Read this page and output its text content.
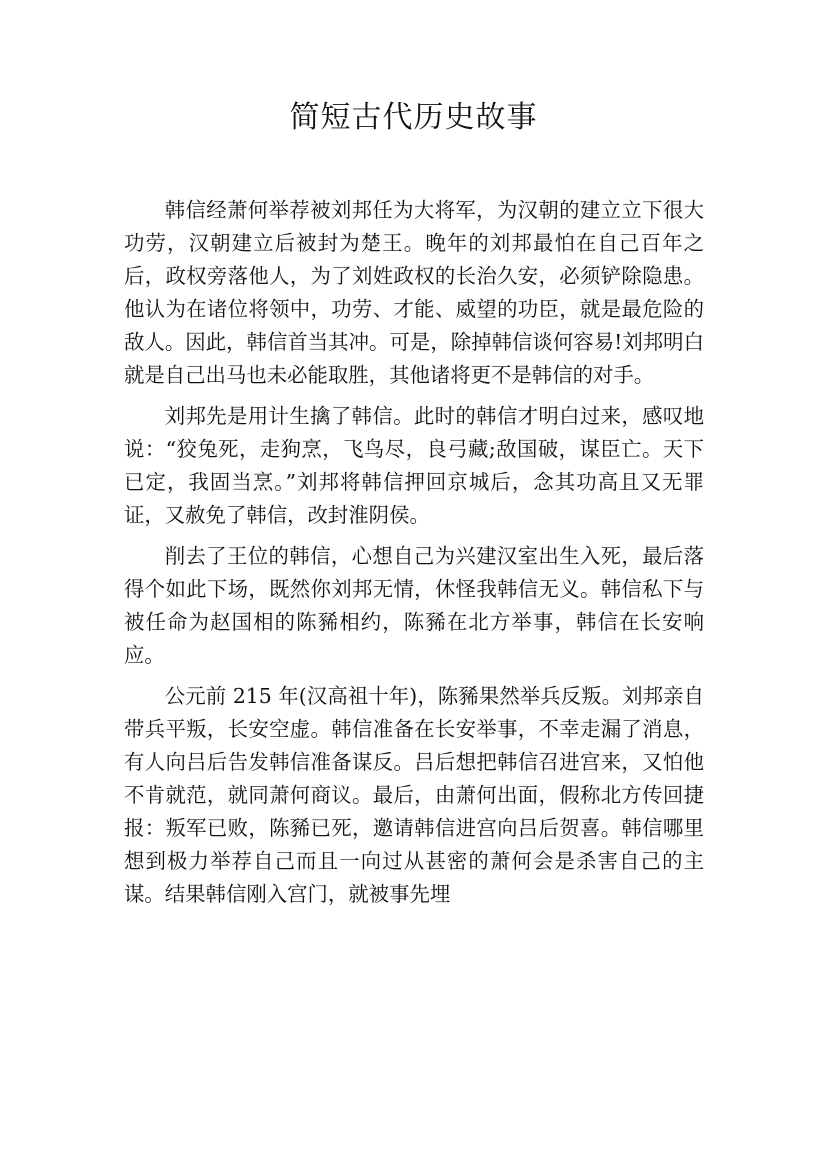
简短古代历史故事

韩信经萧何举荐被刘邦任为大将军，为汉朝的建立立下很大功劳，汉朝建立后被封为楚王。晚年的刘邦最怕在自己百年之后，政权旁落他人，为了刘姓政权的长治久安，必须铲除隐患。他认为在诸位将领中，功劳、才能、威望的功臣，就是最危险的敌人。因此，韩信首当其冲。可是，除掉韩信谈何容易!刘邦明白就是自己出马也未必能取胜，其他诸将更不是韩信的对手。

刘邦先是用计生擒了韩信。此时的韩信才明白过来，感叹地说：“狡兔死，走狗烹，飞鸟尽，良弓藏;敌国破，谋臣亡。天下已定，我固当烹。”刘邦将韩信押回京城后，念其功高且又无罪证，又赦免了韩信，改封淮阴侯。

削去了王位的韩信，心想自己为兴建汉室出生入死，最后落得个如此下场，既然你刘邦无情，休怪我韩信无义。韩信私下与被任命为赵国相的陈豨相约，陈豨在北方举事，韩信在长安响应。

公元前 215 年(汉高祖十年)，陈豨果然举兵反叛。刘邦亲自带兵平叛，长安空虚。韩信准备在长安举事，不幸走漏了消息，有人向吕后告发韩信准备谋反。吕后想把韩信召进宫来，又怕他不肯就范，就同萧何商议。最后，由萧何出面，假称北方传回捷报：叛军已败，陈豨已死，邀请韩信进宫向吕后贺喜。韩信哪里想到极力举荐自己而且一向过从甚密的萧何会是杀害自己的主谋。结果韩信刚入宫门，就被事先埋
